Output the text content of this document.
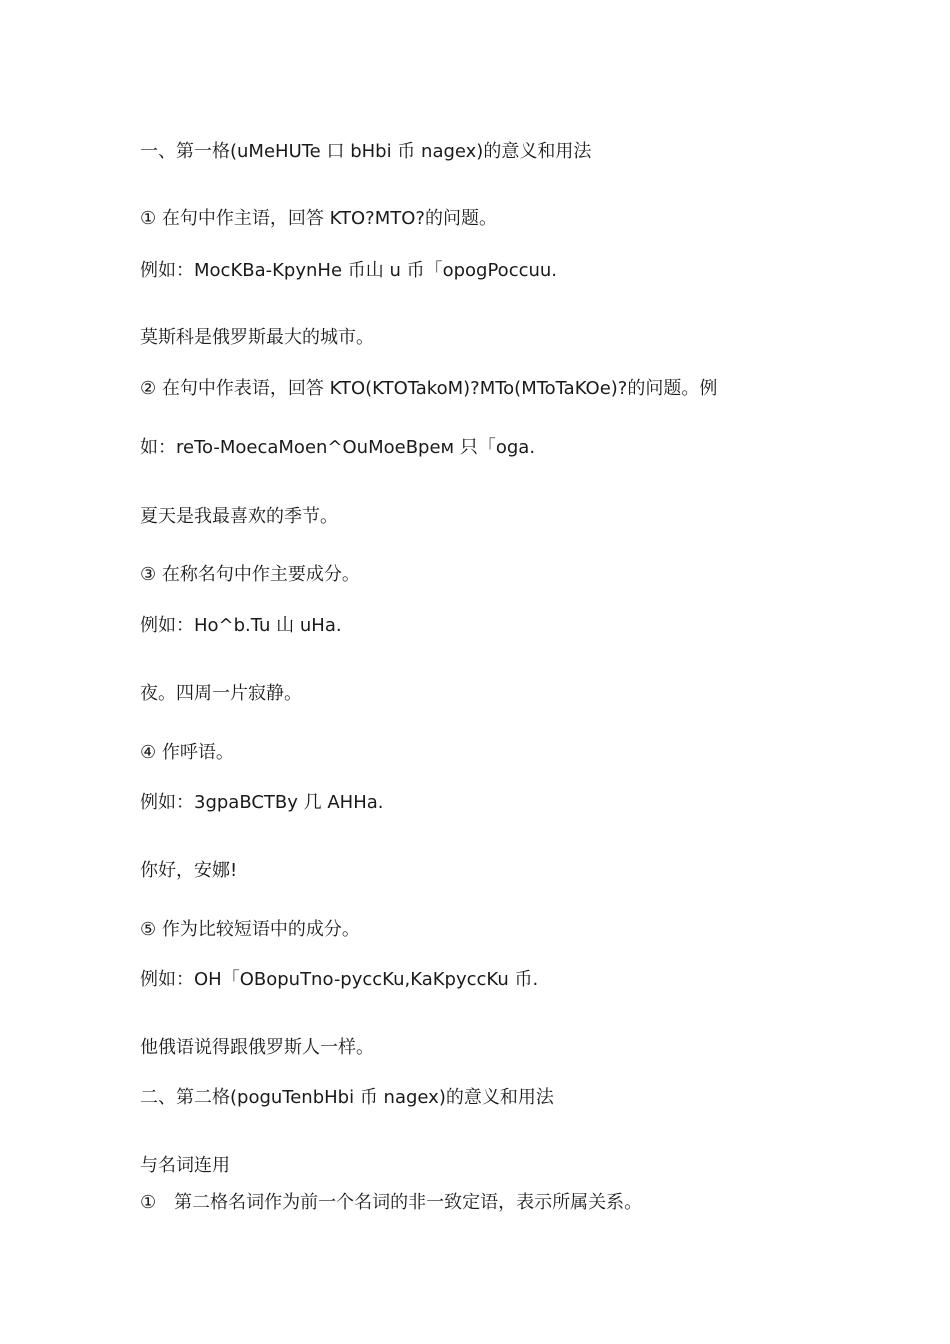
一、第一格(uMeHUTe 口 bHbi 币 nagex)的意义和用法

① 在句中作主语，回答 KTO?MTO?的问题。

例如：MocKBa-KpynHe 币山 u 币「opogPoccuu.

莫斯科是俄罗斯最大的城市。

② 在句中作表语，回答 KTO(KTOTakoM)?MTo(MToTaKOe)?的问题。例

如：reTo-MoecaMoen^OuMoeBpeм 只「oga.

夏天是我最喜欢的季节。

③ 在称名句中作主要成分。

例如：Ho^b.Tu 山 uHa.

夜。四周一片寂静。

④ 作呼语。

例如：3gpaBCTBy 几 AHHa.

你好，安娜!

⑤ 作为比较短语中的成分。

例如：OH「OBopuTno-pyccKu,KaKpyccKu 币.

他俄语说得跟俄罗斯人一样。

二、第二格(poguTenbHbi 币 nagex)的意义和用法

与名词连用

①　第二格名词作为前一个名词的非一致定语，表示所属关系。
